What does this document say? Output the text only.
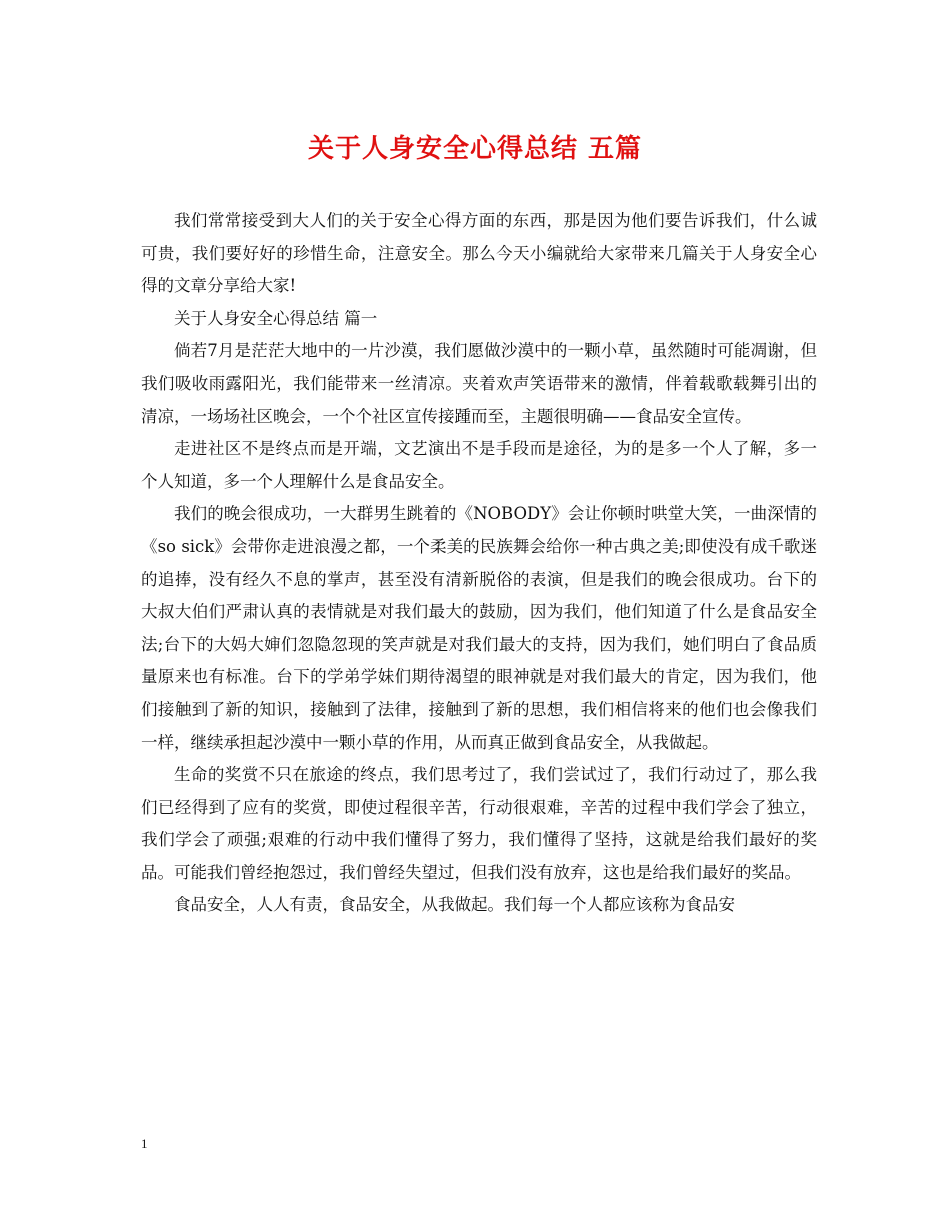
关于人身安全心得总结 五篇

我们常常接受到大人们的关于安全心得方面的东西，那是因为他们要告诉我们，什么诚可贵，我们要好好的珍惜生命，注意安全。那么今天小编就给大家带来几篇关于人身安全心得的文章分享给大家!

关于人身安全心得总结 篇一

倘若7月是茫茫大地中的一片沙漠，我们愿做沙漠中的一颗小草，虽然随时可能凋谢，但我们吸收雨露阳光，我们能带来一丝清凉。夹着欢声笑语带来的激情，伴着载歌载舞引出的清凉，一场场社区晚会，一个个社区宣传接踵而至，主题很明确——食品安全宣传。

走进社区不是终点而是开端，文艺演出不是手段而是途径，为的是多一个人了解，多一个人知道，多一个人理解什么是食品安全。

我们的晚会很成功，一大群男生跳着的《NOBODY》会让你顿时哄堂大笑，一曲深情的《so sick》会带你走进浪漫之都，一个柔美的民族舞会给你一种古典之美;即使没有成千歌迷的追捧，没有经久不息的掌声，甚至没有清新脱俗的表演，但是我们的晚会很成功。台下的大叔大伯们严肃认真的表情就是对我们最大的鼓励，因为我们，他们知道了什么是食品安全法;台下的大妈大婶们忽隐忽现的笑声就是对我们最大的支持，因为我们，她们明白了食品质量原来也有标准。台下的学弟学妹们期待渴望的眼神就是对我们最大的肯定，因为我们，他们接触到了新的知识，接触到了法律，接触到了新的思想，我们相信将来的他们也会像我们一样，继续承担起沙漠中一颗小草的作用，从而真正做到食品安全，从我做起。

生命的奖赏不只在旅途的终点，我们思考过了，我们尝试过了，我们行动过了，那么我们已经得到了应有的奖赏，即使过程很辛苦，行动很艰难，辛苦的过程中我们学会了独立，我们学会了顽强;艰难的行动中我们懂得了努力，我们懂得了坚持，这就是给我们最好的奖品。可能我们曾经抱怨过，我们曾经失望过，但我们没有放弃，这也是给我们最好的奖品。

食品安全，人人有责，食品安全，从我做起。我们每一个人都应该称为食品安

1
